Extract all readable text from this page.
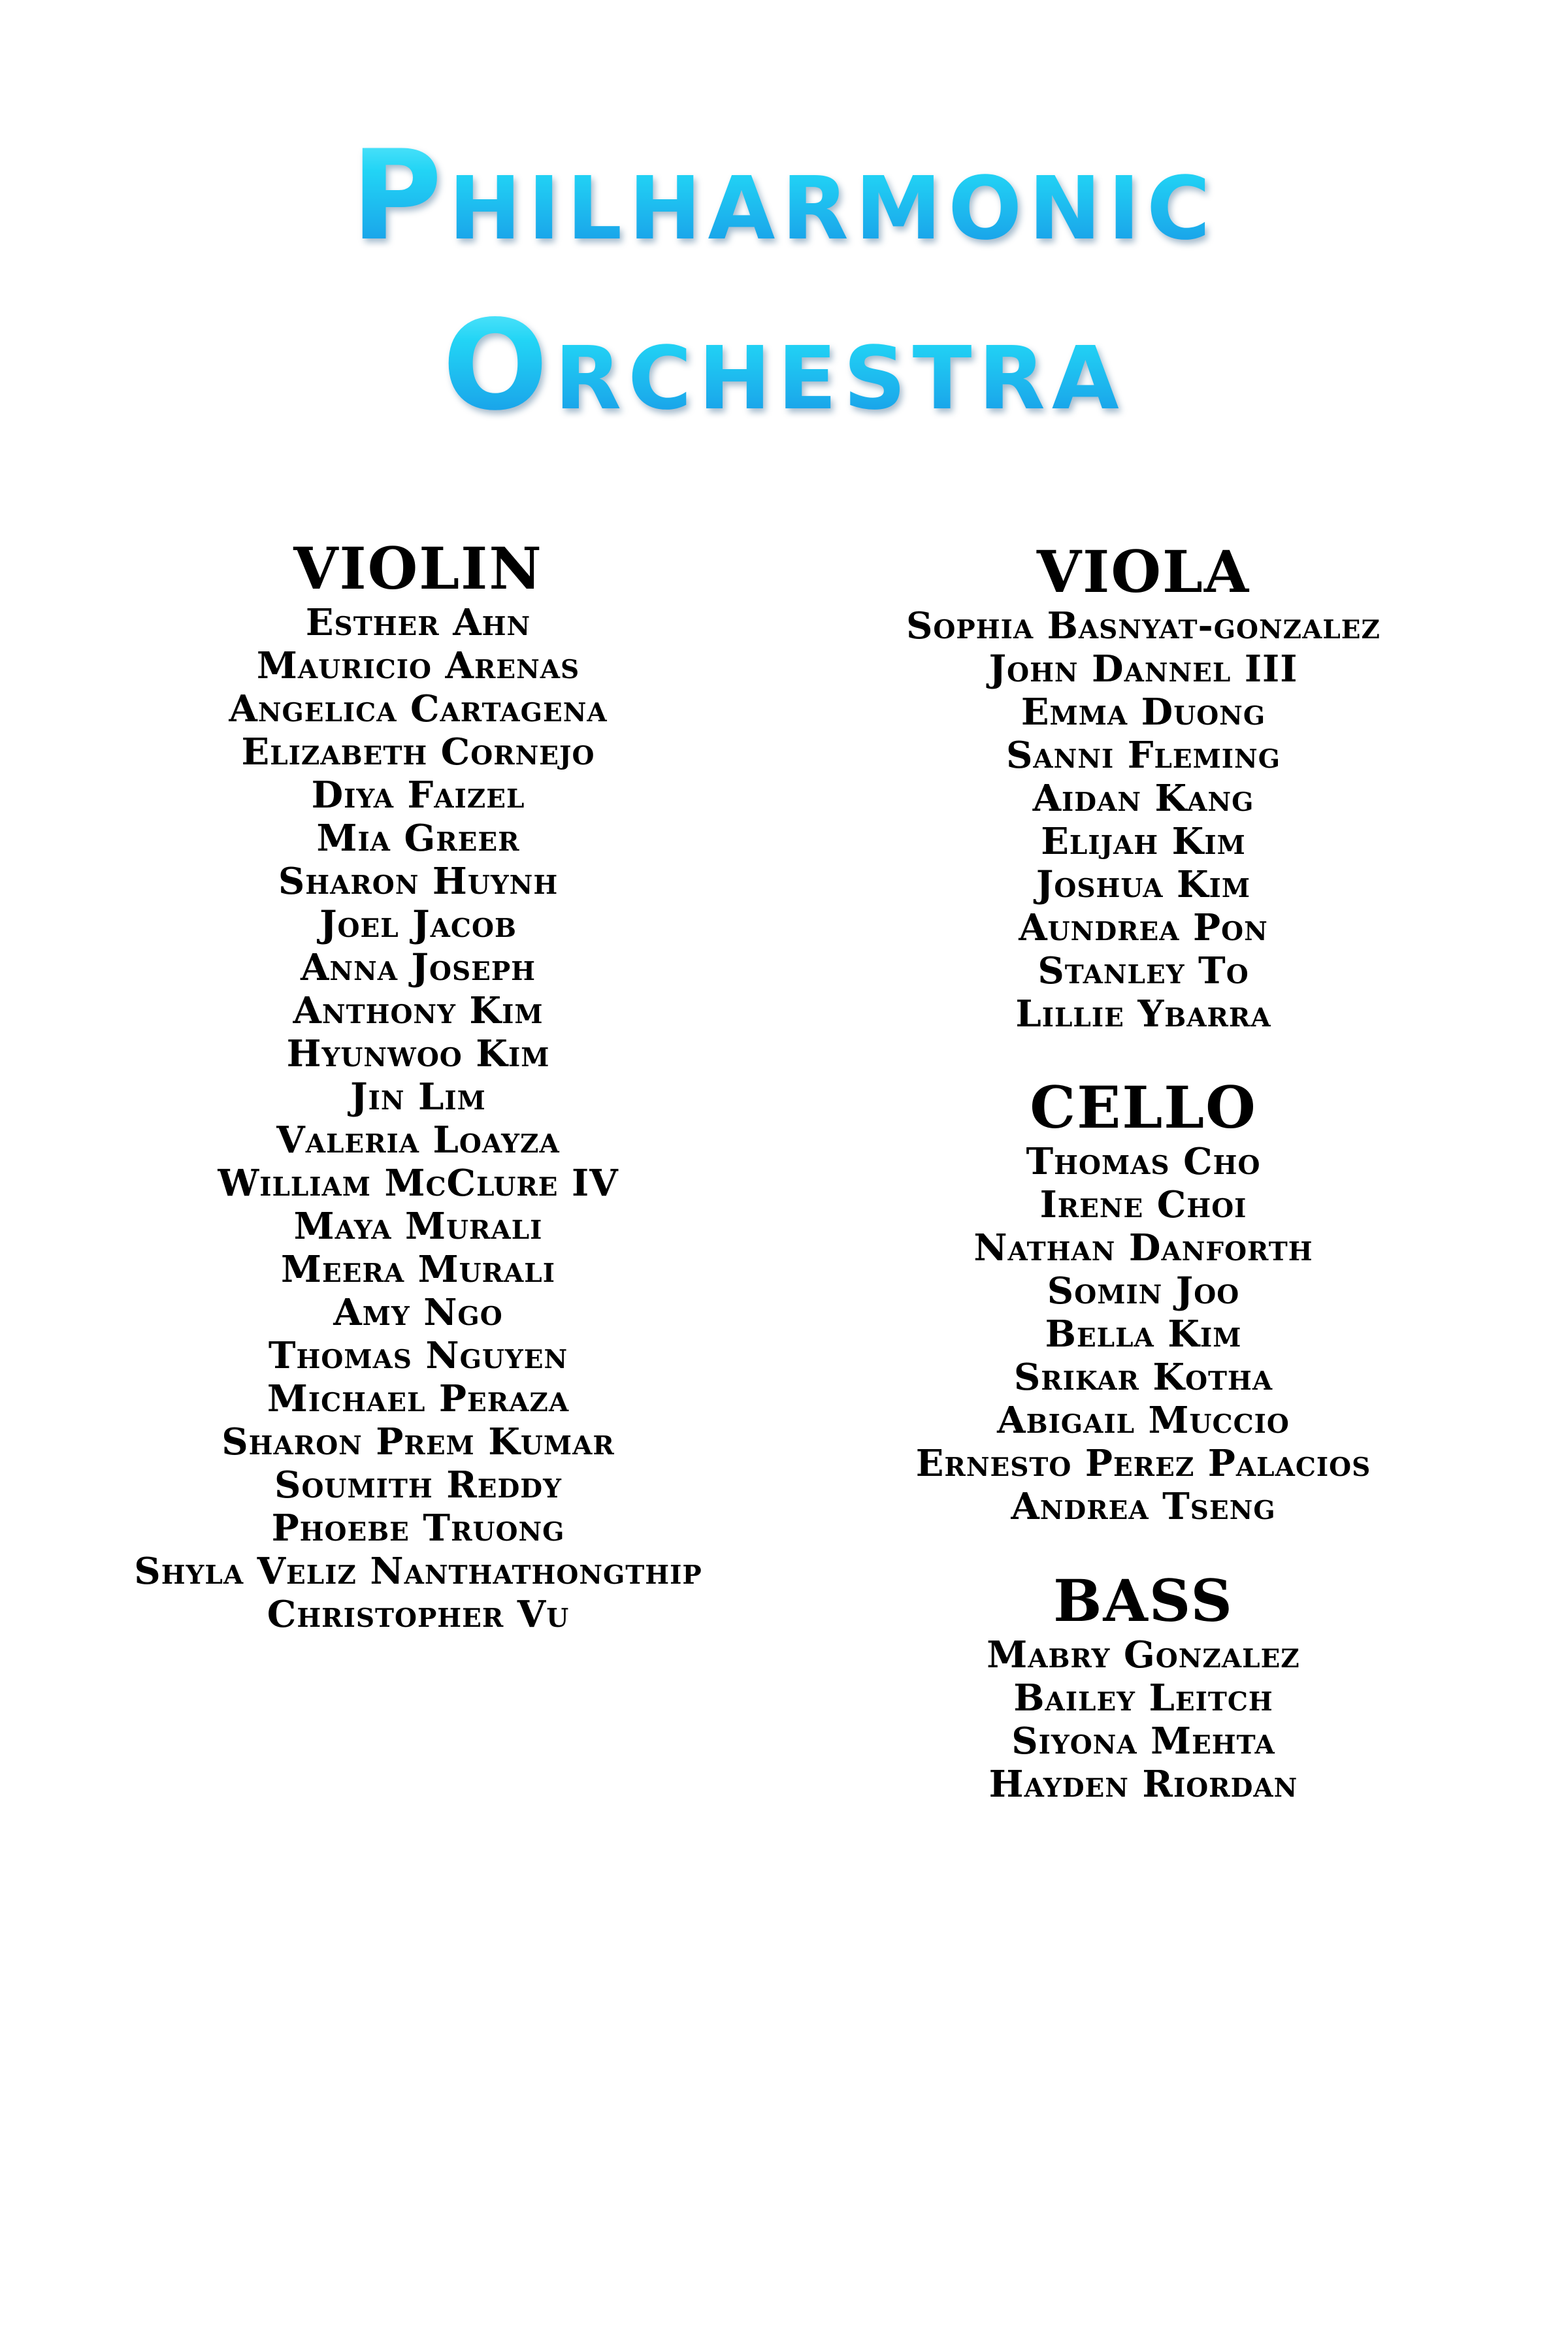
Philharmonic
Orchestra
VIOLIN
Esther Ahn
Mauricio Arenas
Angelica Cartagena
Elizabeth Cornejo
Diya Faizel
Mia Greer
Sharon Huynh
Joel Jacob
Anna Joseph
Anthony Kim
Hyunwoo Kim
Jin Lim
Valeria Loayza
William McClure IV
Maya Murali
Meera Murali
Amy Ngo
Thomas Nguyen
Michael Peraza
Sharon Prem Kumar
Soumith Reddy
Phoebe Truong
Shyla Veliz Nanthathongthip
Christopher Vu
VIOLA
Sophia Basnyat-gonzalez
John Dannel III
Emma Duong
Sanni Fleming
Aidan Kang
Elijah Kim
Joshua Kim
Aundrea Pon
Stanley To
Lillie Ybarra
CELLO
Thomas Cho
Irene Choi
Nathan Danforth
Somin Joo
Bella Kim
Srikar Kotha
Abigail Muccio
Ernesto Perez Palacios
Andrea Tseng
BASS
Mabry Gonzalez
Bailey Leitch
Siyona Mehta
Hayden Riordan
